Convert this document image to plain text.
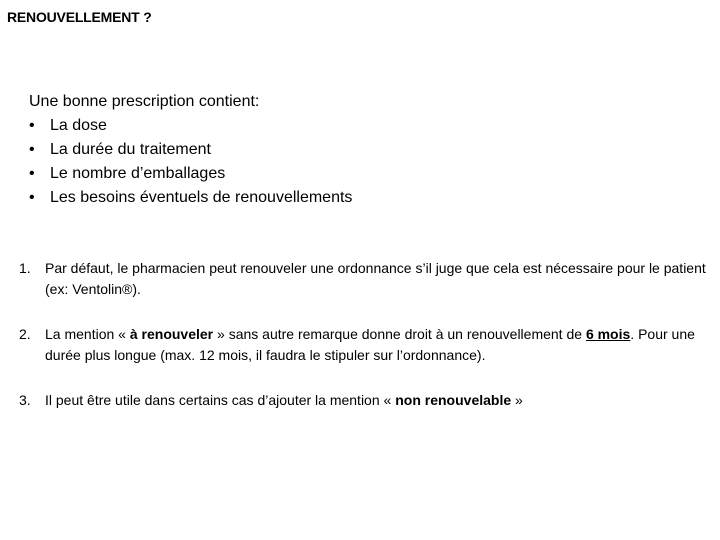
RENOUVELLEMENT ?
Une bonne prescription contient:
• La dose
• La durée du traitement
• Le nombre d’emballages
• Les besoins éventuels de renouvellements
1. Par défaut, le pharmacien peut renouveler une ordonnance s’il juge que cela est nécessaire pour le patient (ex: Ventolin®).
2. La mention « à renouveler » sans autre remarque donne droit à un renouvellement de 6 mois. Pour une durée plus longue (max. 12 mois, il faudra le stipuler sur l’ordonnance).
3. Il peut être utile dans certains cas d’ajouter la mention « non renouvelable »
